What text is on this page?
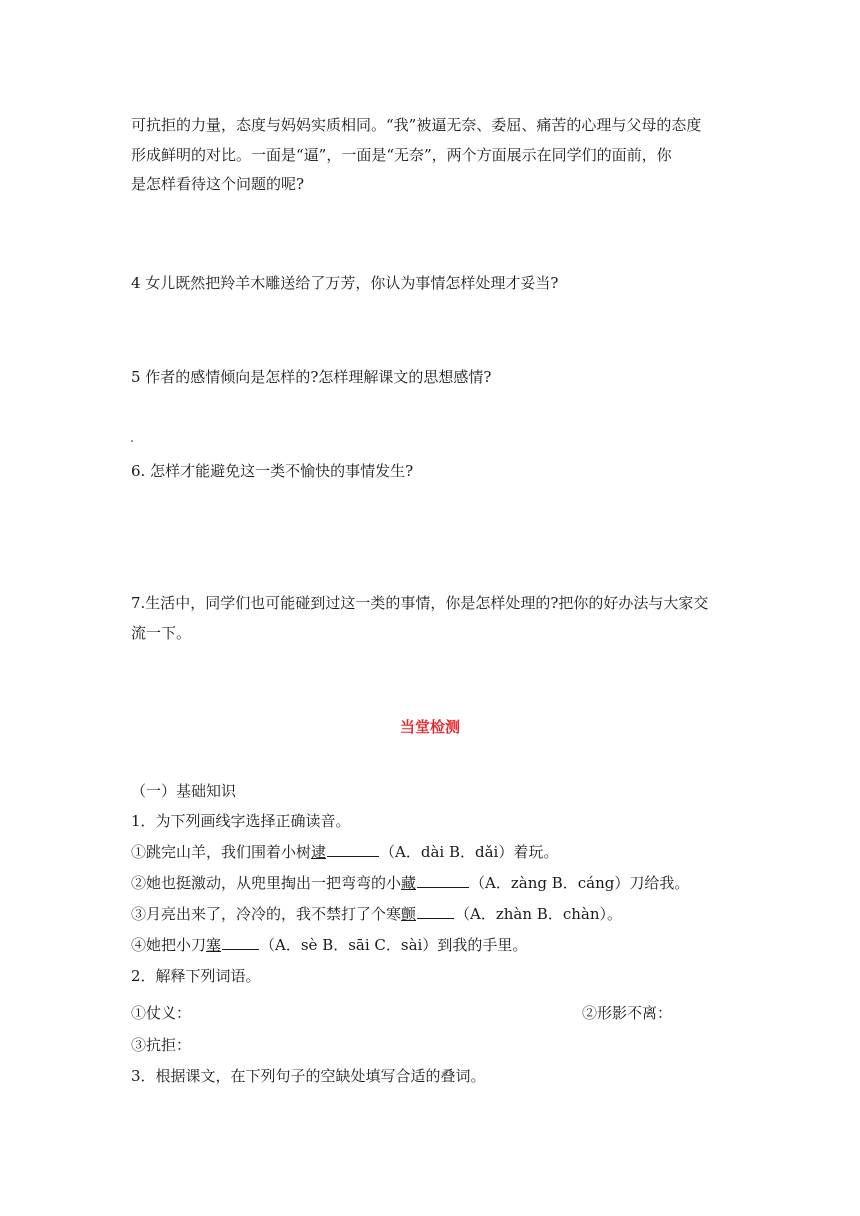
可抗拒的力量，态度与妈妈实质相同。“我”被逼无奈、委屈、痛苦的心理与父母的态度
形成鲜明的对比。一面是“逼”，一面是“无奈”，两个方面展示在同学们的面前，你
是怎样看待这个问题的呢?
4 女儿既然把羚羊木雕送给了万芳，你认为事情怎样处理才妥当?
5 作者的感情倾向是怎样的?怎样理解课文的思想感情?
6. 怎样才能避免这一类不愉快的事情发生?
7.生活中，同学们也可能碰到过这一类的事情，你是怎样处理的?把你的好办法与大家交
流一下。
当堂检测
（一）基础知识
1．为下列画线字选择正确读音。
①跳完山羊，我们围着小树逮	（A．dài B．dǎi）着玩。
②她也挺激动，从兜里掏出一把弯弯的小藏	（A．zàng B．cáng）刀给我。
③月亮出来了，冷冷的，我不禁打了个寒颤	（A．zhàn B．chàn）。
④她把小刀塞	（A．sè B．sāi C．sài）到我的手里。
2．解释下列词语。
①仗义：	②形影不离：
③抗拒：
3．根据课文，在下列句子的空缺处填写合适的叠词。
